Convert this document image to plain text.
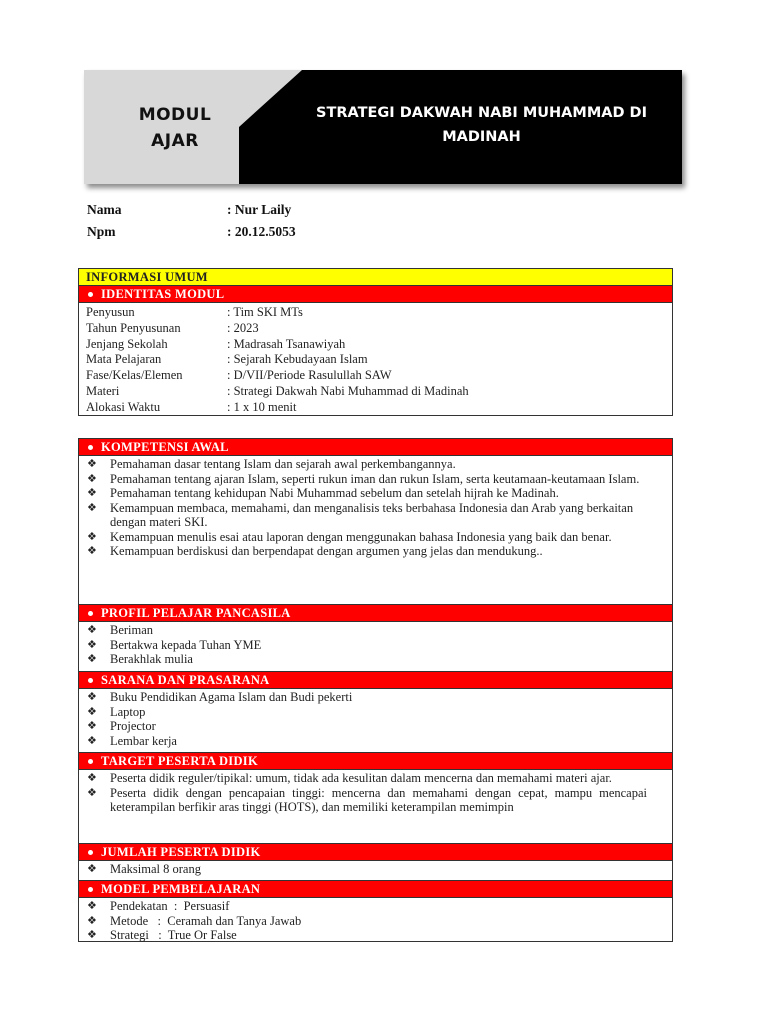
MODUL
AJAR
STRATEGI DAKWAH NABI MUHAMMAD DI
MADINAH
Nama	: Nur Laily
Npm	: 20.12.5053
INFORMASI UMUM
IDENTITAS MODUL
Penyusun	: Tim SKI MTs
Tahun Penyusunan	: 2023
Jenjang Sekolah	: Madrasah Tsanawiyah
Mata Pelajaran	: Sejarah Kebudayaan Islam
Fase/Kelas/Elemen	: D/VII/Periode Rasulullah SAW
Materi	: Strategi Dakwah Nabi Muhammad di Madinah
Alokasi Waktu	: 1 x 10 menit
KOMPETENSI AWAL
❖ Pemahaman dasar tentang Islam dan sejarah awal perkembangannya.
❖ Pemahaman tentang ajaran Islam, seperti rukun iman dan rukun Islam, serta keutamaan-keutamaan Islam.
❖ Pemahaman tentang kehidupan Nabi Muhammad sebelum dan setelah hijrah ke Madinah.
❖ Kemampuan membaca, memahami, dan menganalisis teks berbahasa Indonesia dan Arab yang berkaitan dengan materi SKI.
❖ Kemampuan menulis esai atau laporan dengan menggunakan bahasa Indonesia yang baik dan benar.
❖ Kemampuan berdiskusi dan berpendapat dengan argumen yang jelas dan mendukung..
PROFIL PELAJAR PANCASILA
❖ Beriman
❖ Bertakwa kepada Tuhan YME
❖ Berakhlak mulia
SARANA DAN PRASARANA
❖ Buku Pendidikan Agama Islam dan Budi pekerti
❖ Laptop
❖ Projector
❖ Lembar kerja
TARGET PESERTA DIDIK
❖ Peserta didik reguler/tipikal: umum, tidak ada kesulitan dalam mencerna dan memahami materi ajar.
❖ Peserta didik dengan pencapaian tinggi: mencerna dan memahami dengan cepat, mampu mencapai keterampilan berfikir aras tinggi (HOTS), dan memiliki keterampilan memimpin
JUMLAH PESERTA DIDIK
❖ Maksimal 8 orang
MODEL PEMBELAJARAN
❖ Pendekatan  :  Persuasif
❖ Metode   :  Ceramah dan Tanya Jawab
❖ Strategi   :  True Or False
